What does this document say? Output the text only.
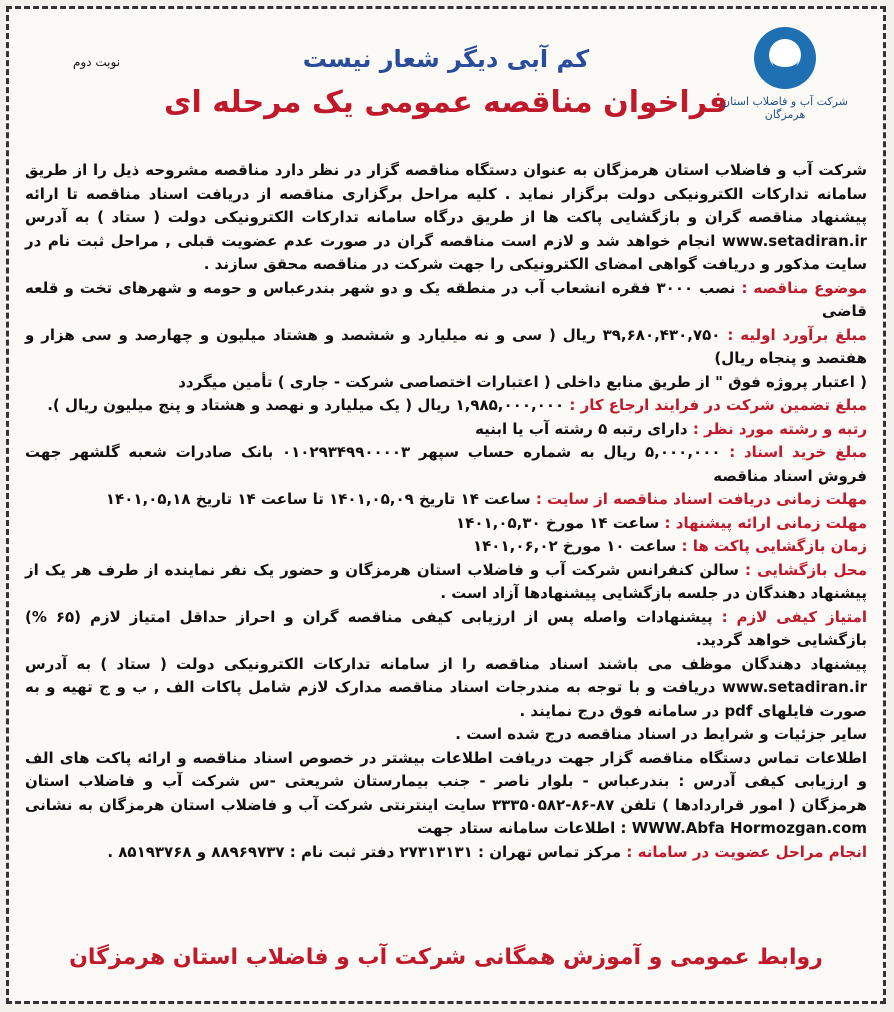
نوبت دوم	کم آبی دیگر شعار نیست
فراخوان مناقصه عمومی یک مرحله ای
شرکت آب و فاضلاب استان هرمزگان

شرکت آب و فاضلاب استان هرمزگان به عنوان دستگاه مناقصه گزار در نظر دارد مناقصه مشروحه ذیل را از طریق سامانه تدارکات الکترونیکی دولت برگزار نماید . کلیه مراحل برگزاری مناقصه از دریافت اسناد مناقصه تا ارائه پیشنهاد مناقصه گران و بازگشایی پاکت ها از طریق درگاه سامانه تدارکات الکترونیکی دولت ( ستاد ) به آدرس www.setadiran.ir انجام خواهد شد و لازم است مناقصه گران در صورت عدم عضویت قبلی , مراحل ثبت نام در سایت مذکور و دریافت گواهی امضای الکترونیکی را جهت شرکت در مناقصه محقق سازند .

موضوع مناقصه : نصب ۳۰۰۰ فقره انشعاب آب در منطقه یک و دو شهر بندرعباس و حومه و شهرهای تخت و قلعه قاضی

مبلغ برآورد اولیه : ۳۹,۶۸۰,۴۳۰,۷۵۰ ریال ( سی و نه میلیارد و ششصد و هشتاد میلیون و چهارصد و سی هزار و هفتصد و پنجاه ریال)

( اعتبار پروژه فوق " از طریق منابع داخلی ( اعتبارات اختصاصی شرکت - جاری ) تأمین میگردد

مبلغ تضمین شرکت در فرایند ارجاع کار : ۱,۹۸۵,۰۰۰,۰۰۰ ریال ( یک میلیارد و نهصد و هشتاد و پنج میلیون ریال ).

رتبه و رشته مورد نظر : دارای رتبه ۵ رشته آب یا ابنیه

مبلغ خرید اسناد : ۵,۰۰۰,۰۰۰ ریال به شماره حساب سپهر ۰۱۰۲۹۳۴۹۹۰۰۰۰۳ بانک صادرات شعبه گلشهر جهت فروش اسناد مناقصه

مهلت زمانی دریافت اسناد مناقصه از سایت : ساعت ۱۴ تاریخ ۱۴۰۱,۰۵,۰۹ تا ساعت ۱۴ تاریخ ۱۴۰۱,۰۵,۱۸

مهلت زمانی ارائه پیشنهاد : ساعت ۱۴ مورخ ۱۴۰۱,۰۵,۳۰

زمان بازگشایی پاکت ها : ساعت ۱۰ مورخ ۱۴۰۱,۰۶,۰۲

محل بازگشایی : سالن کنفرانس شرکت آب و فاضلاب استان هرمزگان و حضور یک نفر نماینده از طرف هر یک از پیشنهاد دهندگان در جلسه بازگشایی پیشنهادها آزاد است .

امتیاز کیفی لازم : پیشنهادات واصله پس از ارزیابی کیفی مناقصه گران و احراز حداقل امتیاز لازم (۶۵ %) بازگشایی خواهد گردید.

پیشنهاد دهندگان موظف می باشند اسناد مناقصه را از سامانه تدارکات الکترونیکی دولت ( ستاد ) به آدرس www.setadiran.ir دریافت و با توجه به مندرجات اسناد مناقصه مدارک لازم شامل پاکات الف , ب و ج تهیه و به صورت فایلهای pdf در سامانه فوق درج نمایند .

سایر جزئیات و شرایط در اسناد مناقصه درج شده است .

اطلاعات تماس دستگاه مناقصه گزار جهت دریافت اطلاعات بیشتر در خصوص اسناد مناقصه و ارائه پاکت های الف و ارزیابی کیفی آدرس : بندرعباس - بلوار ناصر - جنب بیمارستان شریعتی -س شرکت آب و فاضلاب استان هرمزگان ( امور قراردادها ) تلفن ۸۷-۸۶-۳۳۳۵۰۵۸۲ سایت اینترنتی شرکت آب و فاضلاب استان هرمزگان به نشانی WWW.Abfa Hormozgan.com : اطلاعات سامانه ستاد جهت

انجام مراحل عضویت در سامانه : مرکز تماس تهران : ۲۷۳۱۳۱۳۱ دفتر ثبت نام : ۸۸۹۶۹۷۳۷ و ۸۵۱۹۳۷۶۸ .

روابط عمومی و آموزش همگانی شرکت آب و فاضلاب استان هرمزگان
